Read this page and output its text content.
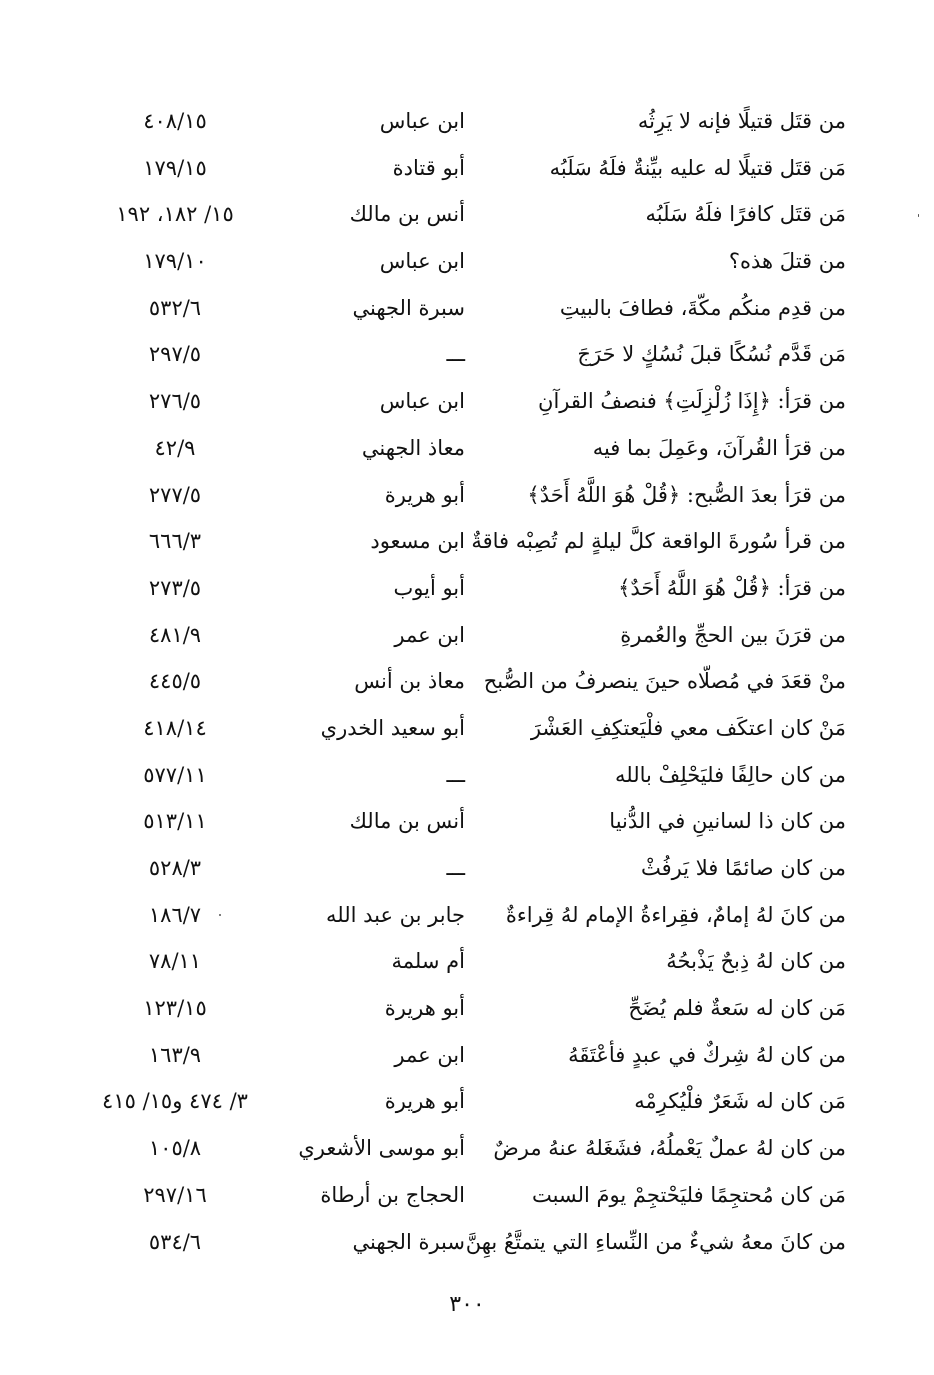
من قتَل قتيلًا فإنه لا يَرِثُه
ابن عباس
٤٠٨/١٥
مَن قتَل قتيلًا له عليه بيِّنةٌ فلَهُ سَلَبُه
أبو قتادة
١٧٩/١٥
مَن قتَل كافرًا فلَهُ سَلَبُه
أنس بن مالك
١٥/ ١٨٢، ١٩٢
من قتلَ هذه؟
ابن عباس
١٧٩/١٠
من قدِم منكُم مكّةَ، فطافَ بالبيتِ
سبرة الجهني
٥٣٢/٦
مَن قَدَّم نُسُكًا قبلَ نُسُكٍ لا حَرَجَ
ـــ
٢٩٧/٥
من قرَأ: ﴿إِذَا زُلْزِلَتِ﴾ فنصفُ القرآنِ
ابن عباس
٢٧٦/٥
من قرَأ القُرآنَ، وعَمِلَ بما فيه
معاذ الجهني
٤٢/٩
من قرَأ بعدَ الصُّبح: ﴿قُلْ هُوَ اللَّهُ أَحَدٌ﴾
أبو هريرة
٢٧٧/٥
من قرأ سُورةَ الواقعة كلَّ ليلةٍ لم تُصِبْه فاقةٌ
ابن مسعود
٦٦٦/٣
من قرَأ: ﴿قُلْ هُوَ اللَّهُ أَحَدٌ﴾
أبو أيوب
٢٧٣/٥
من قرَنَ بين الحجِّ والعُمرةِ
ابن عمر
٤٨١/٩
منْ قعَدَ في مُصلّاه حينَ ينصرفُ من الصُّبح
معاذ بن أنس
٤٤٥/٥
مَنْ كان اعتكَف معي فلْيَعتكِفِ العَشْرَ
أبو سعيد الخدري
٤١٨/١٤
من كان حالِفًا فليَحْلِفْ بالله
ـــ
٥٧٧/١١
من كان ذا لسانينِ في الدُّنيا
أنس بن مالك
٥١٣/١١
من كان صائمًا فلا يَرفُثْ
ـــ
٥٢٨/٣
من كانَ لهُ إمامٌ، فقِراءةُ الإمام لهُ قِراءةٌ
جابر بن عبد الله
١٨٦/٧
من كان لهُ ذِبحٌ يَذْبحُهُ
أم سلمة
٧٨/١١
مَن كان له سَعةٌ فلم يُضَحِّ
أبو هريرة
١٢٣/١٥
من كان لهُ شِركٌ في عبدٍ فأعْتَقَهُ
ابن عمر
١٦٣/٩
مَن كان له شَعَرٌ فلْيُكرِمْه
أبو هريرة
٣/ ٤٧٤ و١٥/ ٤١٥
من كان لهُ عملٌ يَعْملُهُ، فشَغَلهُ عنهُ مرضٌ
أبو موسى الأشعري
١٠٥/٨
مَن كان مُحتجِمًا فليَحْتجِمْ يومَ السبت
الحجاج بن أرطاة
٢٩٧/١٦
من كانَ معهُ شيءٌ من النِّساءِ التي يتمتَّعُ بهِنَّ
سبرة الجهني
٥٣٤/٦
٣٠٠
